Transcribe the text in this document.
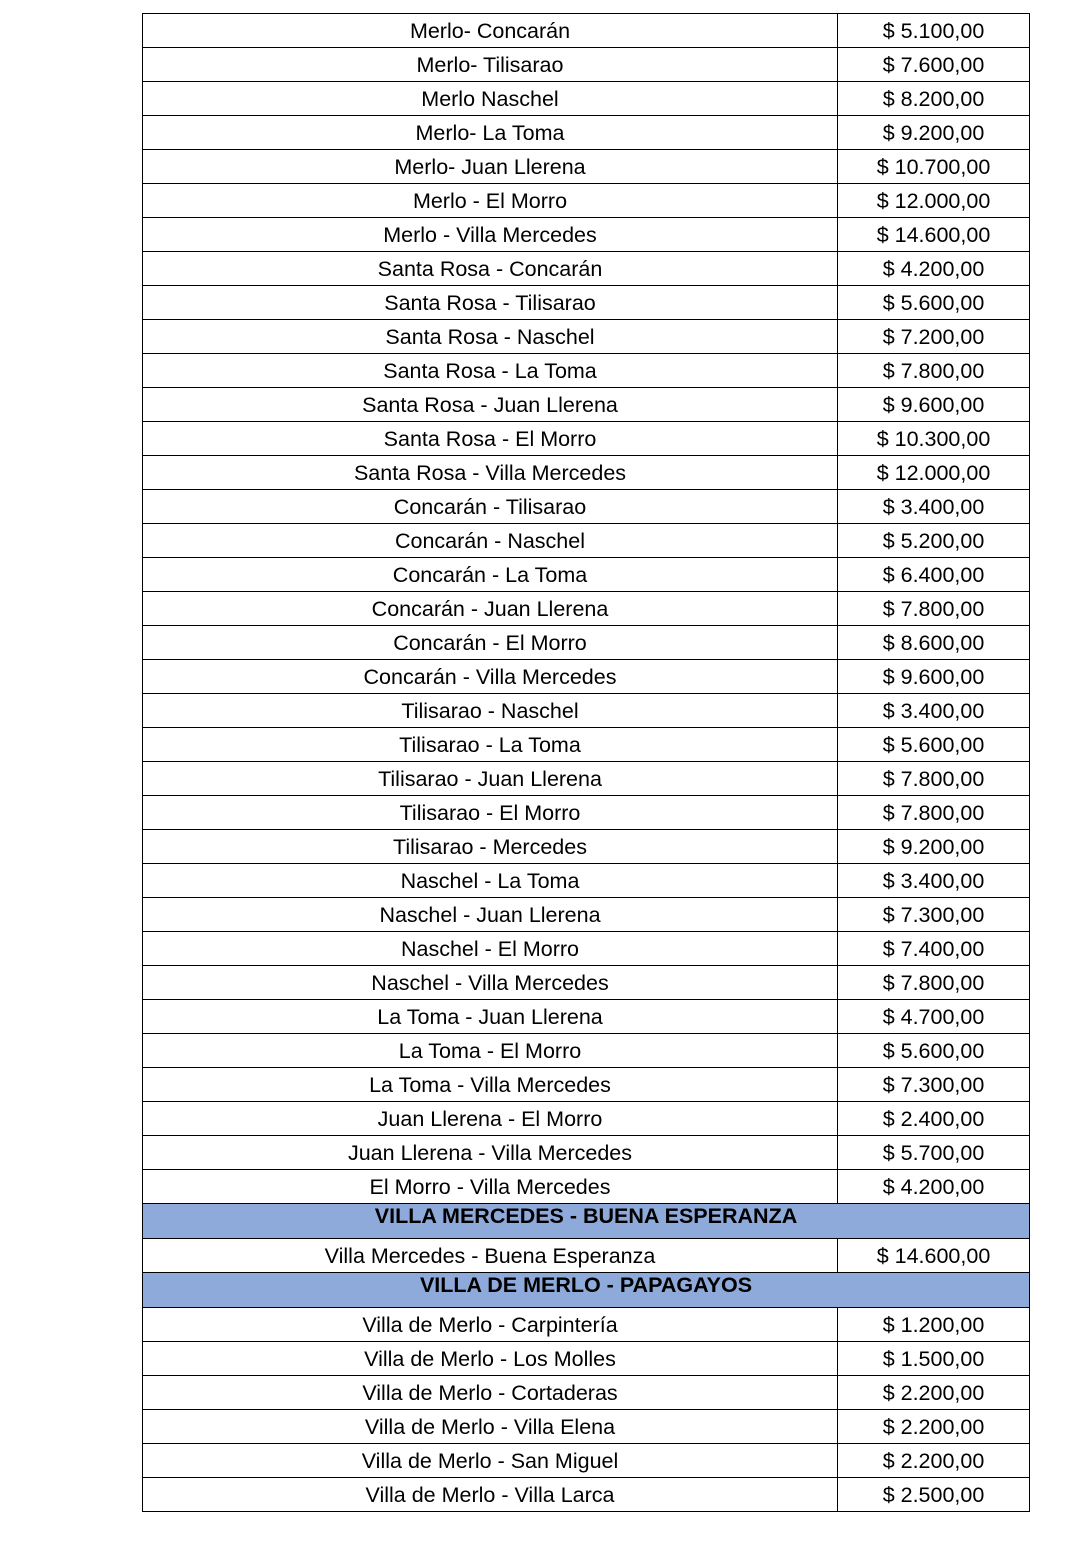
Merlo- Concarán	$ 5.100,00
Merlo- Tilisarao	$ 7.600,00
Merlo Naschel	$ 8.200,00
Merlo- La Toma	$ 9.200,00
Merlo- Juan Llerena	$ 10.700,00
Merlo - El Morro	$ 12.000,00
Merlo - Villa Mercedes	$ 14.600,00
Santa Rosa - Concarán	$ 4.200,00
Santa Rosa - Tilisarao	$ 5.600,00
Santa Rosa - Naschel	$ 7.200,00
Santa Rosa - La Toma	$ 7.800,00
Santa Rosa - Juan Llerena	$ 9.600,00
Santa Rosa - El Morro	$ 10.300,00
Santa Rosa - Villa Mercedes	$ 12.000,00
Concarán - Tilisarao	$ 3.400,00
Concarán - Naschel	$ 5.200,00
Concarán - La Toma	$ 6.400,00
Concarán - Juan Llerena	$ 7.800,00
Concarán - El Morro	$ 8.600,00
Concarán - Villa Mercedes	$ 9.600,00
Tilisarao - Naschel	$ 3.400,00
Tilisarao - La Toma	$ 5.600,00
Tilisarao - Juan Llerena	$ 7.800,00
Tilisarao - El Morro	$ 7.800,00
Tilisarao - Mercedes	$ 9.200,00
Naschel - La Toma	$ 3.400,00
Naschel - Juan Llerena	$ 7.300,00
Naschel - El Morro	$ 7.400,00
Naschel - Villa Mercedes	$ 7.800,00
La Toma - Juan Llerena	$ 4.700,00
La Toma - El Morro	$ 5.600,00
La Toma - Villa Mercedes	$ 7.300,00
Juan Llerena - El Morro	$ 2.400,00
Juan Llerena - Villa Mercedes	$ 5.700,00
El Morro - Villa Mercedes	$ 4.200,00
VILLA MERCEDES - BUENA ESPERANZA	
Villa Mercedes - Buena Esperanza	$ 14.600,00
VILLA DE MERLO - PAPAGAYOS	
Villa de Merlo - Carpintería	$ 1.200,00
Villa de Merlo - Los Molles	$ 1.500,00
Villa de Merlo - Cortaderas	$ 2.200,00
Villa de Merlo - Villa Elena	$ 2.200,00
Villa de Merlo - San Miguel	$ 2.200,00
Villa de Merlo - Villa Larca	$ 2.500,00
